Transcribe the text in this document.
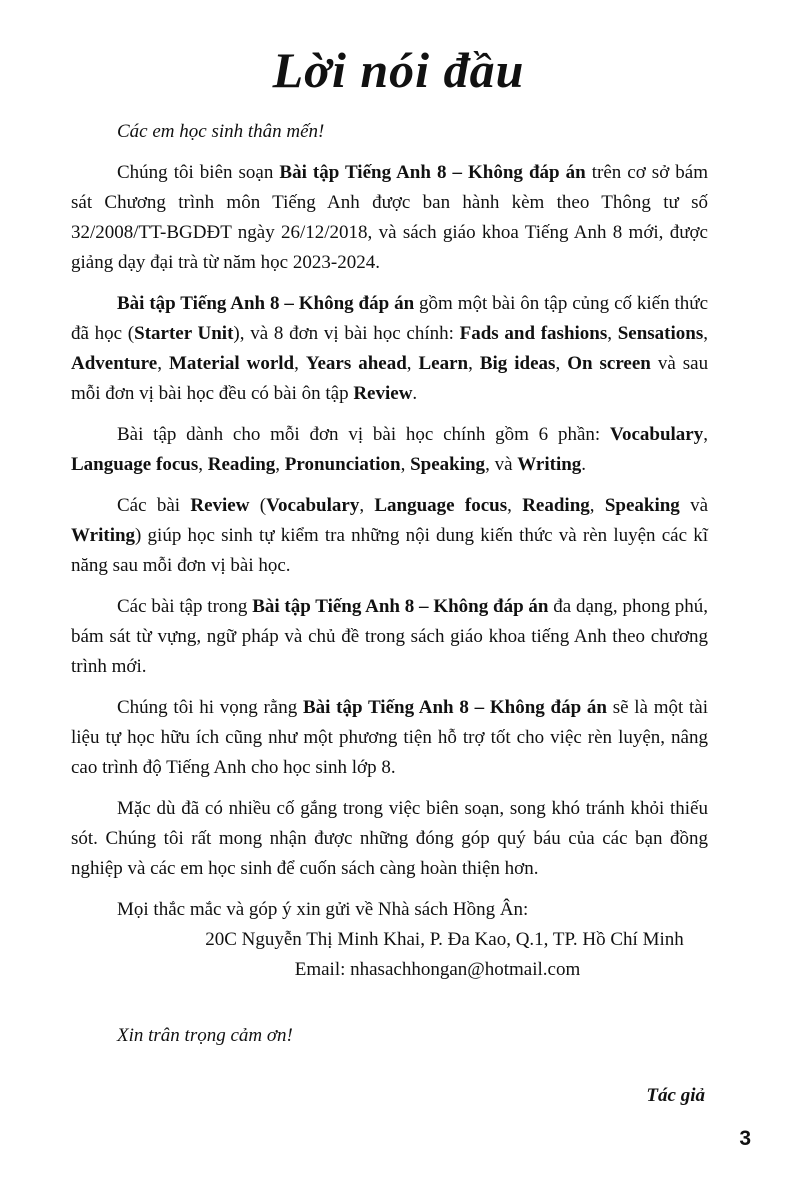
Lời nói đầu

Các em học sinh thân mến!

Chúng tôi biên soạn Bài tập Tiếng Anh 8 – Không đáp án trên cơ sở bám sát Chương trình môn Tiếng Anh được ban hành kèm theo Thông tư số 32/2008/TT-BGDĐT ngày 26/12/2018, và sách giáo khoa Tiếng Anh 8 mới, được giảng dạy đại trà từ năm học 2023-2024.

Bài tập Tiếng Anh 8 – Không đáp án gồm một bài ôn tập củng cố kiến thức đã học (Starter Unit), và 8 đơn vị bài học chính: Fads and fashions, Sensations, Adventure, Material world, Years ahead, Learn, Big ideas, On screen và sau mỗi đơn vị bài học đều có bài ôn tập Review.

Bài tập dành cho mỗi đơn vị bài học chính gồm 6 phần: Vocabulary, Language focus, Reading, Pronunciation, Speaking, và Writing.

Các bài Review (Vocabulary, Language focus, Reading, Speaking và Writing) giúp học sinh tự kiểm tra những nội dung kiến thức và rèn luyện các kĩ năng sau mỗi đơn vị bài học.

Các bài tập trong Bài tập Tiếng Anh 8 – Không đáp án đa dạng, phong phú, bám sát từ vựng, ngữ pháp và chủ đề trong sách giáo khoa tiếng Anh theo chương trình mới.

Chúng tôi hi vọng rằng Bài tập Tiếng Anh 8 – Không đáp án sẽ là một tài liệu tự học hữu ích cũng như một phương tiện hỗ trợ tốt cho việc rèn luyện, nâng cao trình độ Tiếng Anh cho học sinh lớp 8.

Mặc dù đã có nhiều cố gắng trong việc biên soạn, song khó tránh khỏi thiếu sót. Chúng tôi rất mong nhận được những đóng góp quý báu của các bạn đồng nghiệp và các em học sinh để cuốn sách càng hoàn thiện hơn.

Mọi thắc mắc và góp ý xin gửi về Nhà sách Hồng Ân:

20C Nguyễn Thị Minh Khai, P. Đa Kao, Q.1, TP. Hồ Chí Minh

Email: nhasachhongan@hotmail.com

Xin trân trọng cảm ơn!

Tác giả

3
